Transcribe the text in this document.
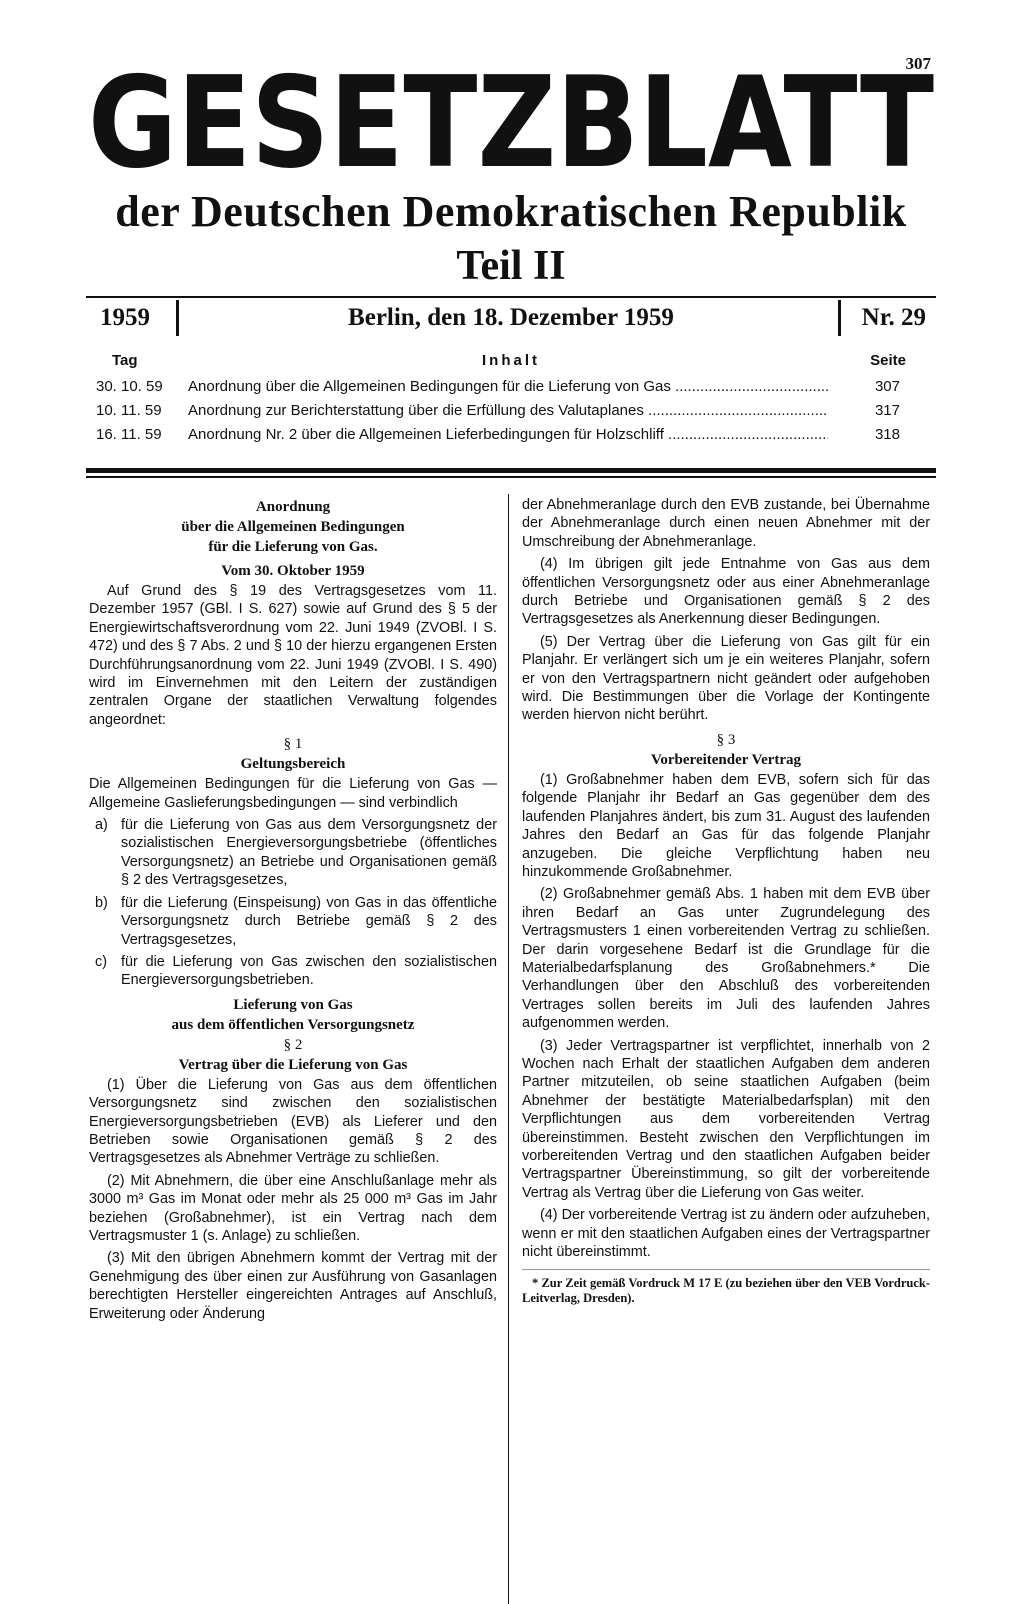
307
GESETZBLATT
der Deutschen Demokratischen Republik
Teil II
1959	Berlin, den 18. Dezember 1959	Nr. 29
Tag	Inhalt	Seite
30. 10. 59 Anordnung über die Allgemeinen Bedingungen für die Lieferung von Gas .....	307
10. 11. 59 Anordnung zur Berichterstattung über die Erfüllung des Valutaplanes .....	317
16. 11. 59 Anordnung Nr. 2 über die Allgemeinen Lieferbedingungen für Holzschliff .....	318
Anordnung
über die Allgemeinen Bedingungen
für die Lieferung von Gas.
Vom 30. Oktober 1959

Auf Grund des § 19 des Vertragsgesetzes vom 11. Dezember 1957 (GBl. I S. 627) sowie auf Grund des § 5 der Energiewirtschaftsverordnung vom 22. Juni 1949 (ZVOBl. I S. 472) und des § 7 Abs. 2 und § 10 der hierzu ergangenen Ersten Durchführungsanordnung vom 22. Juni 1949 (ZVOBl. I S. 490) wird im Einvernehmen mit den Leitern der zuständigen zentralen Organe der staatlichen Verwaltung folgendes angeordnet:

§ 1
Geltungsbereich

Die Allgemeinen Bedingungen für die Lieferung von Gas — Allgemeine Gaslieferungsbedingungen — sind verbindlich

a) für die Lieferung von Gas aus dem Versorgungsnetz der sozialistischen Energieversorgungsbetriebe (öffentliches Versorgungsnetz) an Betriebe und Organisationen gemäß § 2 des Vertragsgesetzes,
b) für die Lieferung (Einspeisung) von Gas in das öffentliche Versorgungsnetz durch Betriebe gemäß § 2 des Vertragsgesetzes,
c) für die Lieferung von Gas zwischen den sozialistischen Energieversorgungsbetrieben.
Lieferung von Gas
aus dem öffentlichen Versorgungsnetz
§ 2
Vertrag über die Lieferung von Gas

(1) Über die Lieferung von Gas aus dem öffentlichen Versorgungsnetz sind zwischen den sozialistischen Energieversorgungsbetrieben (EVB) als Lieferer und den Betrieben sowie Organisationen gemäß § 2 des Vertragsgesetzes als Abnehmer Verträge zu schließen.

(2) Mit Abnehmern, die über eine Anschlußanlage mehr als 3000 m³ Gas im Monat oder mehr als 25 000 m³ Gas im Jahr beziehen (Großabnehmer), ist ein Vertrag nach dem Vertragsmuster 1 (s. Anlage) zu schließen.

(3) Mit den übrigen Abnehmern kommt der Vertrag mit der Genehmigung des über einen zur Ausführung von Gasanlagen berechtigten Hersteller eingereichten Antrages auf Anschluß, Erweiterung oder Änderung

der Abnehmeranlage durch den EVB zustande, bei Übernahme der Abnehmeranlage durch einen neuen Abnehmer mit der Umschreibung der Abnehmeranlage.

(4) Im übrigen gilt jede Entnahme von Gas aus dem öffentlichen Versorgungsnetz oder aus einer Abnehmeranlage durch Betriebe und Organisationen gemäß § 2 des Vertragsgesetzes als Anerkennung dieser Bedingungen.

(5) Der Vertrag über die Lieferung von Gas gilt für ein Planjahr. Er verlängert sich um je ein weiteres Planjahr, sofern er von den Vertragspartnern nicht geändert oder aufgehoben wird. Die Bestimmungen über die Vorlage der Kontingente werden hiervon nicht berührt.

§ 3
Vorbereitender Vertrag

(1) Großabnehmer haben dem EVB, sofern sich für das folgende Planjahr ihr Bedarf an Gas gegenüber dem des laufenden Planjahres ändert, bis zum 31. August des laufenden Jahres den Bedarf an Gas für das folgende Planjahr anzugeben. Die gleiche Verpflichtung haben neu hinzukommende Großabnehmer.

(2) Großabnehmer gemäß Abs. 1 haben mit dem EVB über ihren Bedarf an Gas unter Zugrundelegung des Vertragsmusters 1 einen vorbereitenden Vertrag zu schließen. Der darin vorgesehene Bedarf ist die Grundlage für die Materialbedarfsplanung des Großabnehmers.* Die Verhandlungen über den Abschluß des vorbereitenden Vertrages sollen bereits im Juli des laufenden Jahres aufgenommen werden.

(3) Jeder Vertragspartner ist verpflichtet, innerhalb von 2 Wochen nach Erhalt der staatlichen Aufgaben dem anderen Partner mitzuteilen, ob seine staatlichen Aufgaben (beim Abnehmer der bestätigte Materialbedarfsplan) mit den Verpflichtungen aus dem vorbereitenden Vertrag übereinstimmen. Besteht zwischen den Verpflichtungen im vorbereitenden Vertrag und den staatlichen Aufgaben beider Vertragspartner Übereinstimmung, so gilt der vorbereitende Vertrag als Vertrag über die Lieferung von Gas weiter.

(4) Der vorbereitende Vertrag ist zu ändern oder aufzuheben, wenn er mit den staatlichen Aufgaben eines der Vertragspartner nicht übereinstimmt.

* Zur Zeit gemäß Vordruck M 17 E (zu beziehen über den VEB Vordruck-Leitverlag, Dresden).
